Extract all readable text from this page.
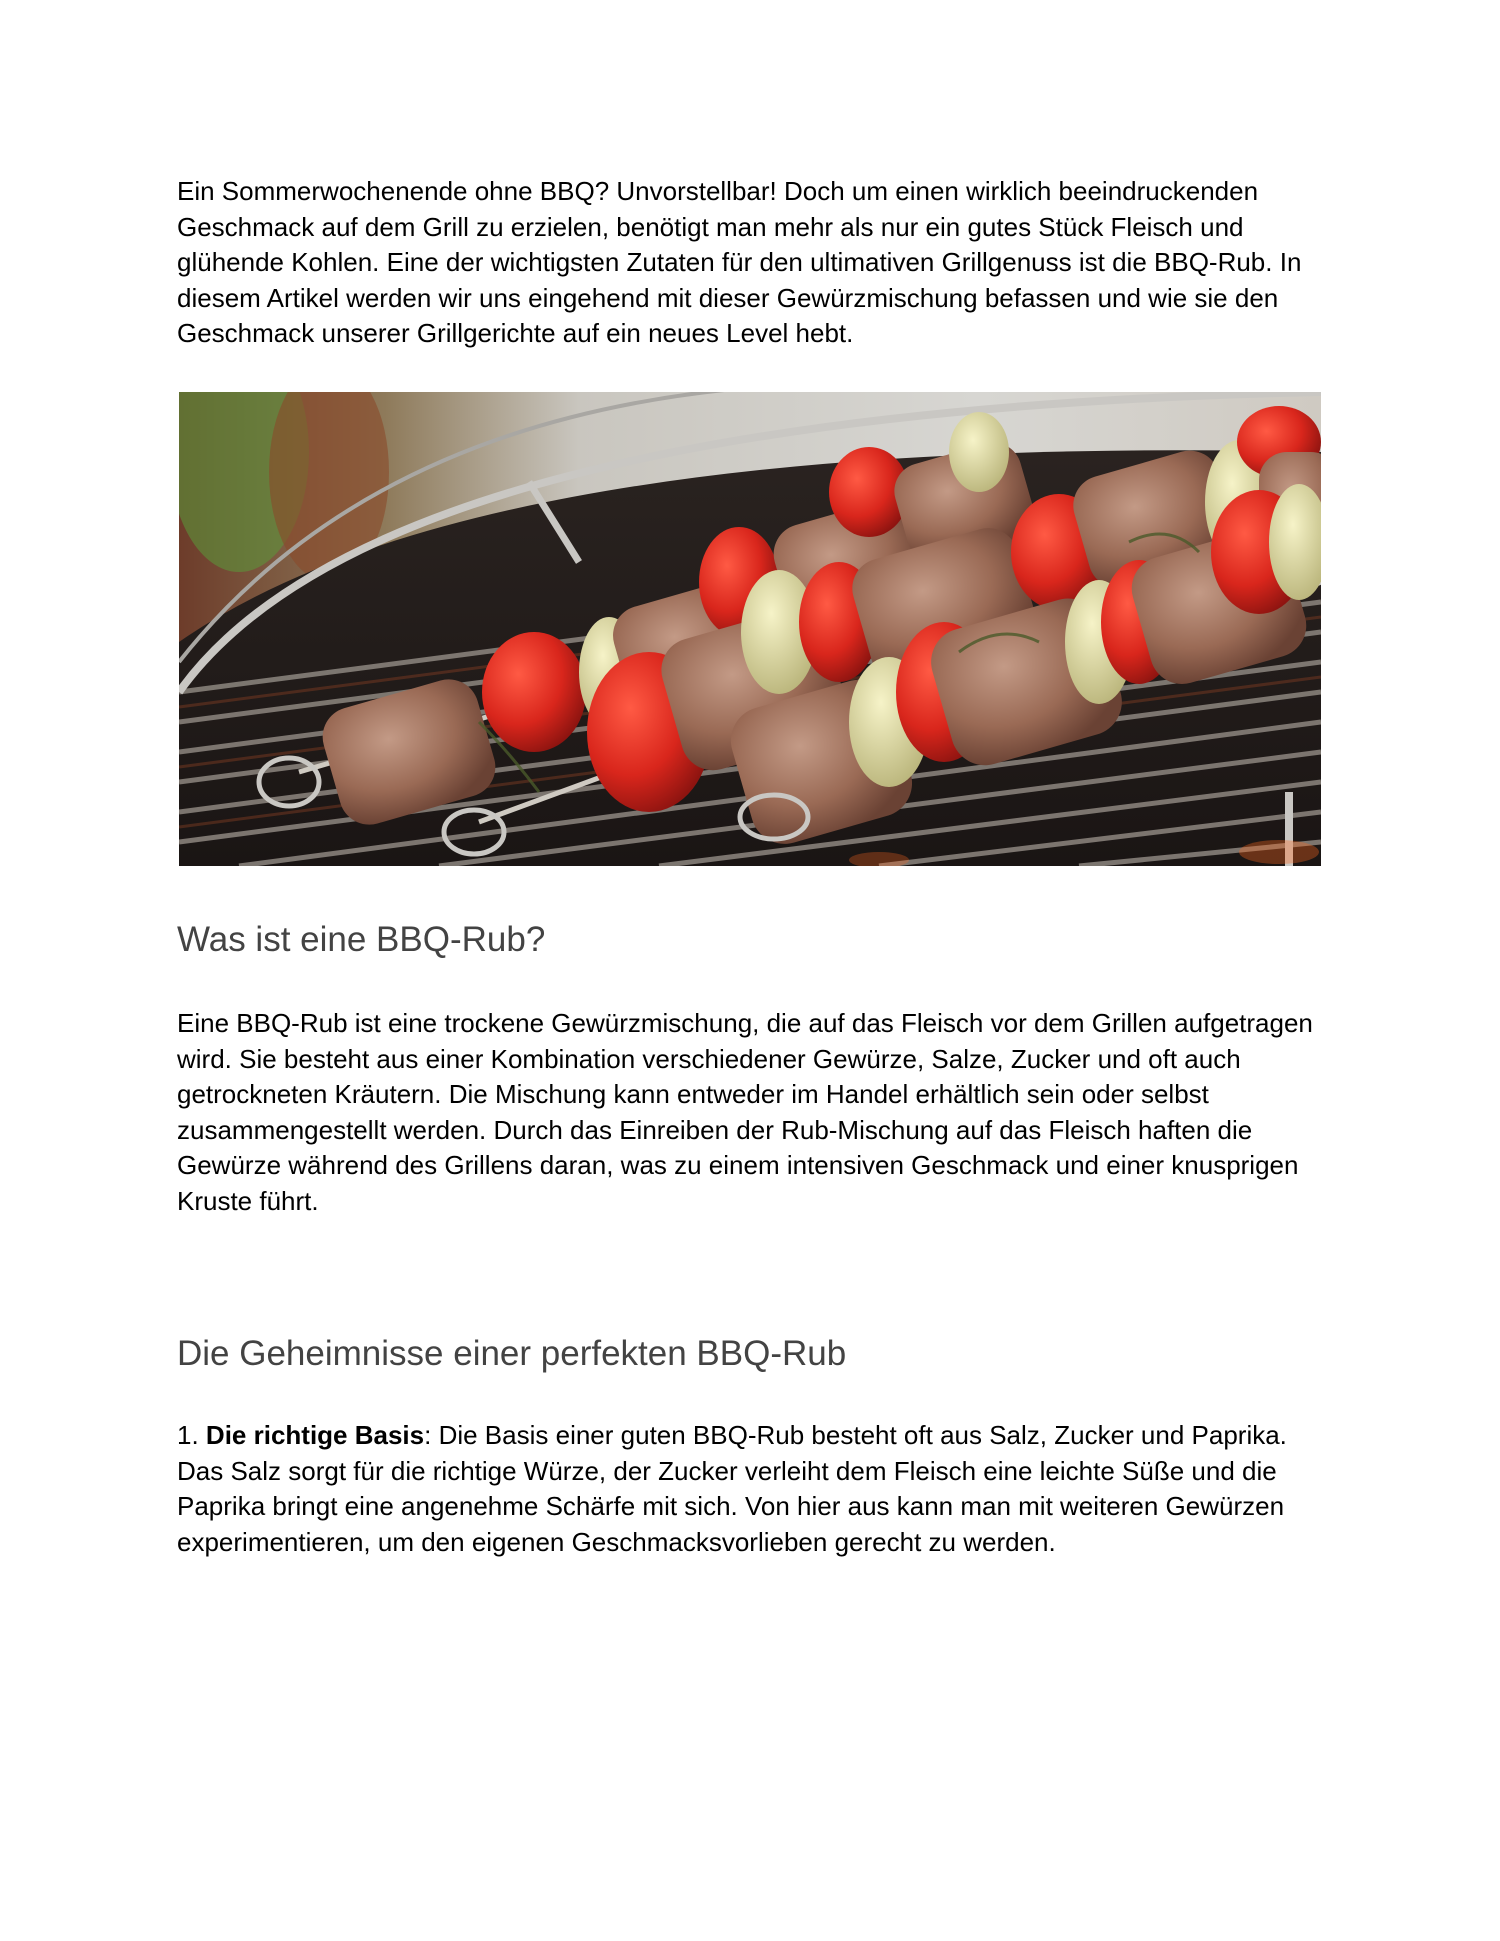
Ein Sommerwochenende ohne BBQ? Unvorstellbar! Doch um einen wirklich beeindruckenden Geschmack auf dem Grill zu erzielen, benötigt man mehr als nur ein gutes Stück Fleisch und glühende Kohlen. Eine der wichtigsten Zutaten für den ultimativen Grillgenuss ist die BBQ-Rub. In diesem Artikel werden wir uns eingehend mit dieser Gewürzmischung befassen und wie sie den Geschmack unserer Grillgerichte auf ein neues Level hebt.

Was ist eine BBQ-Rub?

Eine BBQ-Rub ist eine trockene Gewürzmischung, die auf das Fleisch vor dem Grillen aufgetragen wird. Sie besteht aus einer Kombination verschiedener Gewürze, Salze, Zucker und oft auch getrockneten Kräutern. Die Mischung kann entweder im Handel erhältlich sein oder selbst zusammengestellt werden. Durch das Einreiben der Rub-Mischung auf das Fleisch haften die Gewürze während des Grillens daran, was zu einem intensiven Geschmack und einer knusprigen Kruste führt.

Die Geheimnisse einer perfekten BBQ-Rub

1. Die richtige Basis: Die Basis einer guten BBQ-Rub besteht oft aus Salz, Zucker und Paprika. Das Salz sorgt für die richtige Würze, der Zucker verleiht dem Fleisch eine leichte Süße und die Paprika bringt eine angenehme Schärfe mit sich. Von hier aus kann man mit weiteren Gewürzen experimentieren, um den eigenen Geschmacksvorlieben gerecht zu werden.
